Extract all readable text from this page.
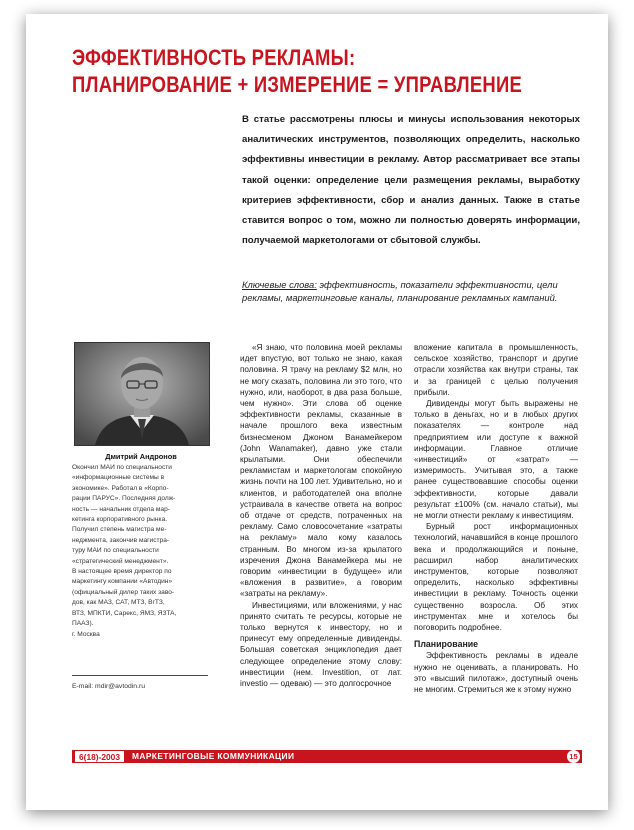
ЭФФЕКТИВНОСТЬ РЕКЛАМЫ:
ПЛАНИРОВАНИЕ + ИЗМЕРЕНИЕ = УПРАВЛЕНИЕ

В статье рассмотрены плюсы и минусы использования некоторых аналитических инструментов, позволяющих определить, насколько эффективны инвестиции в рекламу. Автор рассматривает все этапы такой оценки: определение цели размещения рекламы, выработку критериев эффективности, сбор и анализ данных. Также в статье ставится вопрос о том, можно ли полностью доверять информации, получаемой маркетологами от сбытовой службы.

Ключевые слова: эффективность, показатели эффективности, цели рекламы, маркетинговые каналы, планирование рекламных кампаний.

Дмитрий Андронов

Окончил МАИ по специальности
«информационные системы в
экономике». Работал в «Корпо-
рации ПАРУС». Последняя долж-
ность — начальник отдела мар-
кетинга корпоративного рынка.
Получил степень магистра ме-
неджмента, закончив магистра-
туру МАИ по специальности
«стратегический менеджмент».
В настоящее время директор по
маркетингу компании «Автодин»
(официальный дилер таких заво-
дов, как МАЗ, САТ, МТЗ, ВгТЗ,
ВТЗ, МПКТИ, Сарекс, ЯМЗ, ЯЗТА,
ПААЗ).
г. Москва

E-mail: mdir@avtodin.ru

«Я знаю, что половина моей рекламы идет впустую, вот только не знаю, какая половина. Я трачу на рекламу $2 млн, но не могу сказать, половина ли это того, что нужно, или, наоборот, в два раза больше, чем нужно». Эти слова об оценке эффективности рекламы, сказанные в начале прошлого века известным бизнесменом Джоном Ванамейкером (John Wanamaker), давно уже стали крылатыми. Они обеспечили рекламистам и маркетологам спокойную жизнь почти на 100 лет. Удивительно, но и клиентов, и работодателей она вполне устраивала в качестве ответа на вопрос об отдаче от средств, потраченных на рекламу. Само словосочетание «затраты на рекламу» мало кому казалось странным. Во многом из-за крылатого изречения Джона Ванамейкера мы не говорим «инвестиции в будущее» или «вложения в развитие», а говорим «затраты на рекламу».

Инвестициями, или вложениями, у нас принято считать те ресурсы, которые не только вернутся к инвестору, но и принесут ему определенные дивиденды. Большая советская энциклопедия дает следующее определение этому слову: инвестиции (нем. Investition, от лат. investio — одеваю) — это долгосрочное

вложение капитала в промышленность, сельское хозяйство, транспорт и другие отрасли хозяйства как внутри страны, так и за границей с целью получения прибыли.

Дивиденды могут быть выражены не только в деньгах, но и в любых других показателях — контроле над предприятием или доступе к важной информации. Главное отличие «инвестиций» от «затрат» — измеримость. Учитывая это, а также ранее существовавшие способы оценки эффективности, которые давали результат ±100% (см. начало статьи), мы не могли отнести рекламу к инвестициям.

Бурный рост информационных технологий, начавшийся в конце прошлого века и продолжающийся и поныне, расширил набор аналитических инструментов, которые позволяют определить, насколько эффективны инвестиции в рекламу. Точность оценки существенно возросла. Об этих инструментах мне и хотелось бы поговорить подробнее.

Планирование

Эффективность рекламы в идеале нужно не оценивать, а планировать. Но это «высший пилотаж», доступный очень не многим. Стремиться же к этому нужно

6(18)-2003	МАРКЕТИНГОВЫЕ КОММУНИКАЦИИ	15
